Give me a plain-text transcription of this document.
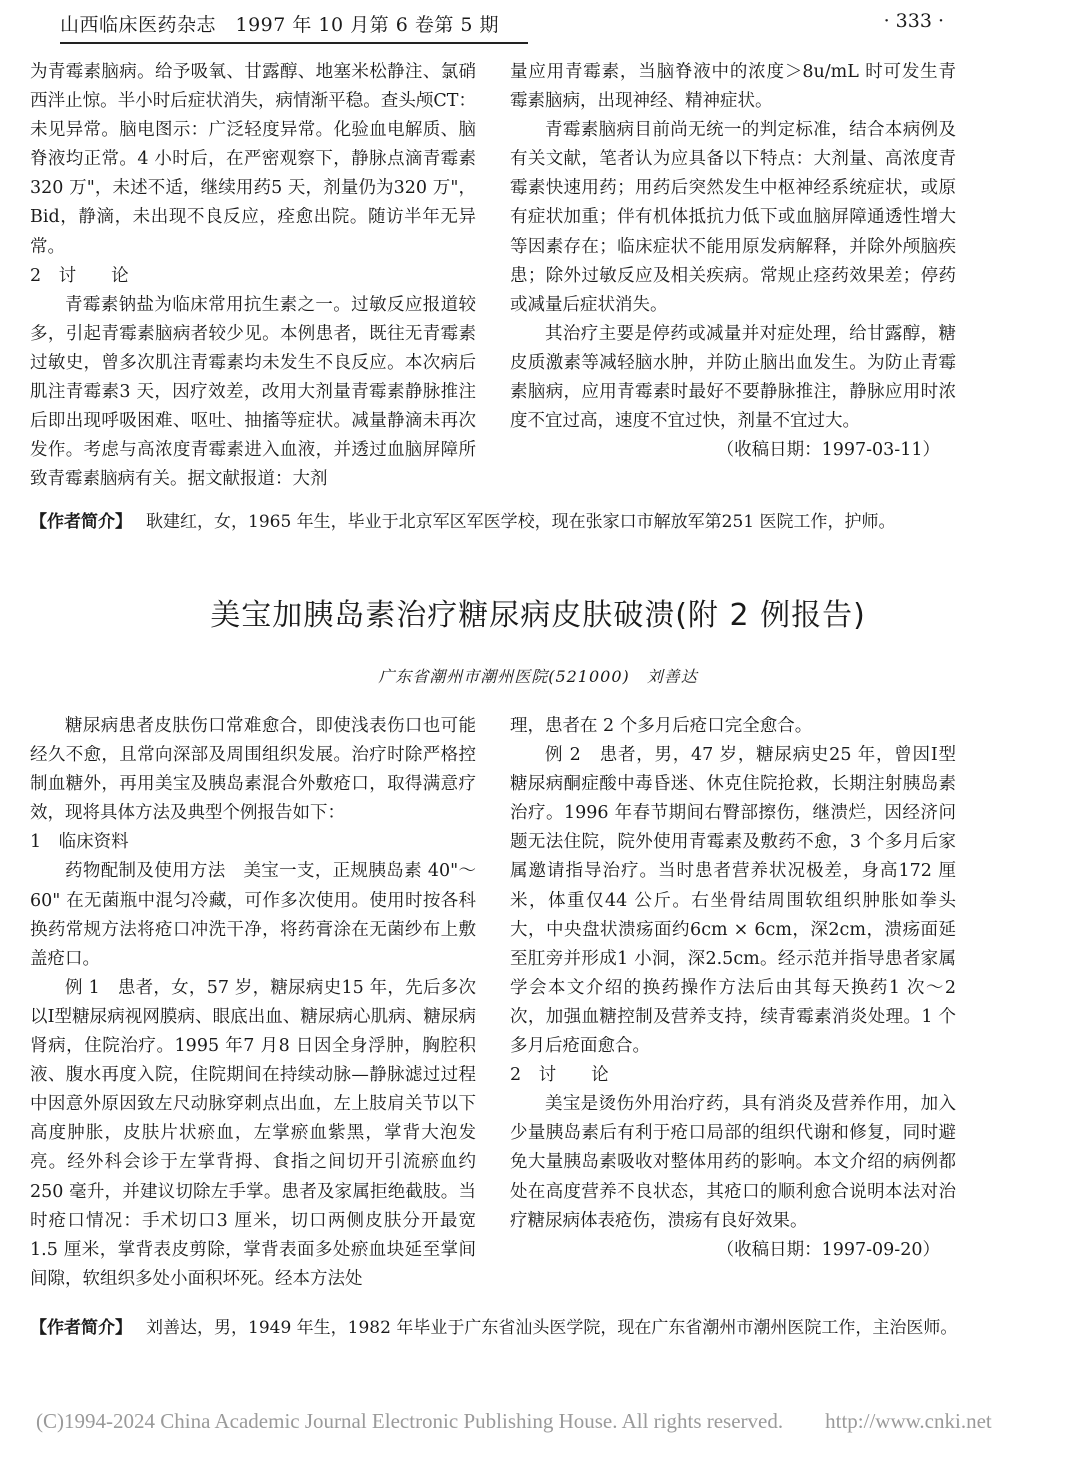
山西临床医药杂志　1997 年 10 月第 6 卷第 5 期	· 333 ·

为青霉素脑病。给予吸氧、甘露醇、地塞米松静注、氯硝西泮止惊。半小时后症状消失，病情渐平稳。查头颅CT：未见异常。脑电图示：广泛轻度异常。化验血电解质、脑脊液均正常。4 小时后，在严密观察下，静脉点滴青霉素 320 万"，未述不适，继续用药5 天，剂量仍为320 万"，Bid，静滴，未出现不良反应，痊愈出院。随访半年无异常。

2　讨　　论

青霉素钠盐为临床常用抗生素之一。过敏反应报道较多，引起青霉素脑病者较少见。本例患者，既往无青霉素过敏史，曾多次肌注青霉素均未发生不良反应。本次病后肌注青霉素3 天，因疗效差，改用大剂量青霉素静脉推注后即出现呼吸困难、呕吐、抽搐等症状。减量静滴未再次发作。考虑与高浓度青霉素进入血液，并透过血脑屏障所致青霉素脑病有关。据文献报道：大剂

量应用青霉素，当脑脊液中的浓度＞8u/mL 时可发生青霉素脑病，出现神经、精神症状。

青霉素脑病目前尚无统一的判定标准，结合本病例及有关文献，笔者认为应具备以下特点：大剂量、高浓度青霉素快速用药；用药后突然发生中枢神经系统症状，或原有症状加重；伴有机体抵抗力低下或血脑屏障通透性增大等因素存在；临床症状不能用原发病解释，并除外颅脑疾患；除外过敏反应及相关疾病。常规止痉药效果差；停药或减量后症状消失。

其治疗主要是停药或减量并对症处理，给甘露醇，糖皮质激素等减轻脑水肿，并防止脑出血发生。为防止青霉素脑病，应用青霉素时最好不要静脉推注，静脉应用时浓度不宜过高，速度不宜过快，剂量不宜过大。

（收稿日期：1997-03-11）

【作者简介】 耿建红，女，1965 年生，毕业于北京军区军医学校，现在张家口市解放军第251 医院工作，护师。
美宝加胰岛素治疗糖尿病皮肤破溃(附 2 例报告)
广东省潮州市潮州医院(521000)　刘善达

糖尿病患者皮肤伤口常难愈合，即使浅表伤口也可能经久不愈，且常向深部及周围组织发展。治疗时除严格控制血糖外，再用美宝及胰岛素混合外敷疮口，取得满意疗效，现将具体方法及典型个例报告如下：

1　临床资料

药物配制及使用方法　美宝一支，正规胰岛素 40"～60" 在无菌瓶中混匀冷藏，可作多次使用。使用时按各科换药常规方法将疮口冲洗干净，将药膏涂在无菌纱布上敷盖疮口。

例 1　患者，女，57 岁，糖尿病史15 年，先后多次以Ⅰ型糖尿病视网膜病、眼底出血、糖尿病心肌病、糖尿病肾病，住院治疗。1995 年7 月8 日因全身浮肿，胸腔积液、腹水再度入院，住院期间在持续动脉—静脉滤过过程中因意外原因致左尺动脉穿刺点出血，左上肢肩关节以下高度肿胀，皮肤片状瘀血，左掌瘀血紫黑，掌背大泡发亮。经外科会诊于左掌背拇、食指之间切开引流瘀血约250 毫升，并建议切除左手掌。患者及家属拒绝截肢。当时疮口情况：手术切口3 厘米，切口两侧皮肤分开最宽1.5 厘米，掌背表皮剪除，掌背表面多处瘀血块延至掌间间隙，软组织多处小面积坏死。经本方法处

理，患者在 2 个多月后疮口完全愈合。

例 2　患者，男，47 岁，糖尿病史25 年，曾因Ⅰ型糖尿病酮症酸中毒昏迷、休克住院抢救，长期注射胰岛素治疗。1996 年春节期间右臀部擦伤，继溃烂，因经济问题无法住院，院外使用青霉素及敷药不愈，3 个多月后家属邀请指导治疗。当时患者营养状况极差，身高172 厘米，体重仅44 公斤。右坐骨结周围软组织肿胀如拳头大，中央盘状溃疡面约6cm × 6cm，深2cm，溃疡面延至肛旁并形成1 小洞，深2.5cm。经示范并指导患者家属学会本文介绍的换药操作方法后由其每天换药1 次～2 次，加强血糖控制及营养支持，续青霉素消炎处理。1 个多月后疮面愈合。

2　讨　　论

美宝是烫伤外用治疗药，具有消炎及营养作用，加入少量胰岛素后有利于疮口局部的组织代谢和修复，同时避免大量胰岛素吸收对整体用药的影响。本文介绍的病例都处在高度营养不良状态，其疮口的顺利愈合说明本法对治疗糖尿病体表疮伤，溃疡有良好效果。

（收稿日期：1997-09-20）

【作者简介】 刘善达，男，1949 年生，1982 年毕业于广东省汕头医学院，现在广东省潮州市潮州医院工作，主治医师。
(C)1994-2024 China Academic Journal Electronic Publishing House. All rights reserved.　　http://www.cnki.net
